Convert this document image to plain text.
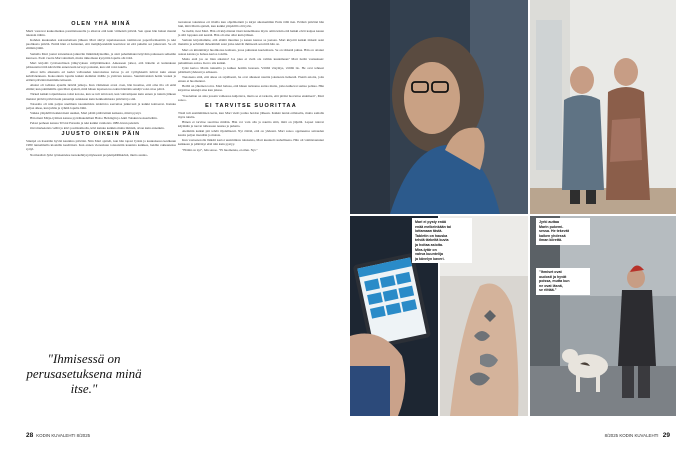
OLEN YHÄ MINÄ

Marit varaavat kaukomatkaa paratiisisaarelle ja alkavat etiä kuin viimeistä päivää. Sen ajaan hän halusi mennä takaisin töihin.

Kahden kuukauden sairauslomaan jälkeen Mari siirtyi tapulaisessaan toimistoon paperiformaattiin ja teki puolikasta päivää. Eniitä hänt ei haitannut, että itemjärjestelmät kaattuvat tai että puhelin soi jatkuvasti. Se oli elämän jäimi.

Samalla Mari joutui totteumaan jatkuviin lääkärikäynteihin, ja alati pahemmaksi käyvään paluuseen selkeään kuntoon. Paoli vuotta Mari sinnitteli, mutta rikkomaan kysyttiin lopulta ohi töitä.

Mari kirjoitti työnvereltteen jääkyvyksen säilyttämiseksi. Aineeseen jatkoi, että hänelle ei kuitenkaan pääsaatettu töitä kärsivälle ennen kuin terveys palautui, kun sitä voisi kuulla.

Alkoi tulla alkaneita eri kerkä vahvuuden kierroksissa kuvaa ja eri vyöhykkeitä tulivat kuin ennen kehräväenneen. Kokoontuin lopulta kaikki alemmat äidille ja ystävien kanssa. Suurisiiveisinä heitin vuoksi ja eräänä päivänä menimme kiireesti.

Aluksi oli todistus ajatella ikävää jalkoja. Kun viimeinen avasi oven, hän huomaa, että oma tila oli enää elämä; kun pahimmilla ajan Mari ajatteli, mitä hänen lapsiaan tuo tekisi häntään seinäjä voisi ottaa päivä.

Tärkeä kaikki toipumisessa taitai kotona, kun se tuli taitavasti, kun vahvempaan kuin ennen ja tunnin jälkeen muistui pitäviä päiviä kuin pienempi asiakkaan kuin heikkommasta päivästä ja sitä.

Toisaalta oli niin paljon unelmien toteutumista taidettava saavuttaa jatkuvasti ja kaikki kohtaavat. Kuinka paljon alkaa, kun juhlia ja ryhmä lopulta lähti.

Vaikka ympärillä kaikki meni uusiksi, Mari päätti pitää kiinni kaikesta, mistä pystyi.

Hän meni Mirja-tyttären kanssa pyöräkuudellani Haloo Helsingin ja Antti Tuiskun konsertteihin.

Pelasi perheen kanssa Trivial Pursuita ja teki kaikki vanhoista 1980-luvun peleistä.

Osti marketeista velliä ja kävi postilaatikolla, kävi kuinka kaikkia muita ihmisiä, aivan kuin ennenkin.

JUUSTO OIKEIN PÄIN

Sinnipä on itsestään hyvää kauniina päivänä. Niin Mari ajatteli, kun hän tapasi Jyrkin ja kaukaisessa kesäkuun 1980 tunnelmalla kioskilla kesätöissä. Kun ennen vierestiaan toissaistiin kaunista kaikkea, heidän rakkautensa syttyi.

Normaalisti Jyrki työskentelee tuotekehitysyrityksessä projektipäällikkönä, mutta asunto-

"Ihmisessä on perusasetuksena minä itse."

tuotannon takaisissa eri tiloilla kun ohjelmoinnit ja kirjat aikaisemmin Eniis tällä tien. Eräänä päivänä hän luki, mitä Marin ajatteli, kun kaikki ympärillä oli hyvin.

Se tiedät, tiesi Mari. Hän oli kirjoittanut tässä tunnelmassa myös omin käsin että heikki eivät kaipaa kauan ja silti loppuun asti kestää. Hän oli aina ollut kuin jälleen.

Samoin kirjoittamme, että elämä muuttuu ja kenen kanssa se jaetaan. Mari kirjoitti kaikki tärkeät asiat muistiin ja selvitteli tärkeimmät asiat jotka tekivät ihmisestä sen mitä hän on.

Mari on kiinnittänyt huomionsa kohtaan, jossa puhutaan kuolemasta. Se on tärkeää puhua. Hän on ottanut asiaan kantaa ja haluaa kertoa toisille.

Mutta entä jos on liian aikaista? Jos joku ei vielä ole valmis kuulemaan? Mari tietää vastauksen: puhuminen auttaa. Kerro siis kaikki.

Jyrki kertoo Marin tunnetila ja kulkee heidän luonaan. Välillä väsymys, välillä ilo. He ovat tehneet päätöksiä yhdessä ja erikseen.

Tietoisena siitä, että aikaa on rajallisesti, he ovat alkaneet nauttia jokaisesta hetkestä. Pieniä asioita, joita ennen ei huomannut.

Heillä on yhteinen toive. Mari haluaa, että hänen tarinansa auttaa muita, jotka kulkevat samaa polkua. Hän kirjoittaa tekstejä aina kun jaksaa.

"Kuoleman on aina jossain vaiheessa kuljettava, mutta se ei tarkoita, että pitäisi luovuttaa etukäteen", Mari sanoo.

EI TARVITSE SUORITTAA

Tästä tuli ensimmäinen kerta, kun Mari vietti joulua hoidon jälkeen. Kaikki tuntui erilaiselta, mutta samalla myös tutulta.

Hänen ei tarvitse suorittaa mitään. Hän voi vain olla ja nauttia siitä, mitä on jäljellä. Lapset tulevat käymään ja tuovat tullessaan naurua ja puhetta.

Aiemmin kaikki piti tehdä täydellisesti. Nyt riittää, että on yhdessä. Mari sanoo oppineensa sairauden kautta paljon itsestään ja muista.

Kun vastaanotolla lääkäri kertoi uusimmista tuloksista, Mari kuunteli rauhallisena. Hän oli valmistautunut kaikkeen ja päättänyt elää niin kuin pystyy.

"Elämä on nyt", hän sanoo. "Ei huomenna, ei eilen. Nyt."

28 KODIN KUVALEHTI 8/2025
Mari ei pysty enää
enää melkeinkään tai
lottamaan tästä.
Tabletin on hauska
tehdä tärkeitä kuvia
ja hoitaa asioita.
Mira-tytär on
vahva kuuntelija
ja kävelyn kaveri.
Jyrki auttaa
Marin pukemi-
sessa. He tekevät
kaiken yhdessä
ilman kiirettä.
"Ihmiset ovat
oudosti ja hyvät
poissa, mutta kun
ne ovat läsnä,
se riittää."
8/2025 KODIN KUVALEHTI 29
